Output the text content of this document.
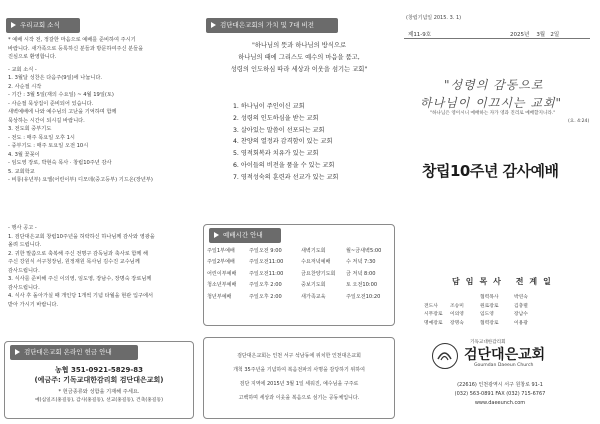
우리교회 소식
* 예배 시작 전, 정갈한 마음으로 예배를 준비하여 주시기
바랍니다. 새가족으로 등록하신 분들과 방문하여주신 분들을
진심으로 환영합니다.
- 교회 소식 -
1. 3월달 성찬은 다음주(9일)에 나눕니다.
2. 사순절 시작
- 기간 : 3월 5일(재의 수요일) ~ 4월 19일(토)
- 사순절 묵상집이 준비되어 있습니다.
새벽예배에 나와 예수님의 고난을 기억하며 함께
묵상하는 시간이 되시길 바랍니다.
3. 전도회 중부기도
- 전도 : 매주 목요일 오후 1시
- 중부기도 : 매주 토요일 오전 10시
4. 3월 꽃꽂이
- 임도영 장로, 박현숙 목사 · 창립10주년 감사
5. 교회학교
- 비룡(유년부) 요엘(어린이부) 디모데(중고등부) 기드온(장년부)
- 행사 공고 -
1. 검단대은교회 창립10주년을 허락하신 하나님께 감사와 영광을
올려 드립니다.
2. 귀한 말씀으로 축복해 주신 전명구 감독님과 축사로 함께 해
주신 강원식 서구청장님, 원정재원 목사님 김수진 교수님께
감사드립니다.
3. 식사를 준비해 주신 이의영, 임도영, 장남수, 장명숙 장로님께
감사드립니다.
4. 식사 후 돌아가실 때 개인당 1개씩 기념 타월을 현관 입구에서
받아 가시기 바랍니다.
검단대은교회 온라인 헌금 안내
농협 351-0921-5829-83
(예금주: 기독교대한감리회 검단대은교회)
* 헌금종류와 성함을 기재해 주세요.
예)십일조(홍길동), 감사(홍길동), 선교(홍길동), 건축(홍길동)
검단대은교회의 가치 및 7대 비전
"하나님의 뜻과 하나님의 방식으로
하나님의 때에 그리스도 예수의 마음을 품고,
성령의 인도하심 따라 세상과 이웃을 섬기는 교회"
1. 하나님이 주인이신 교회
2. 성령의 인도하심을 받는 교회
3. 살아있는 말씀이 선포되는 교회
4. 찬양의 열정과 감격함이 있는 교회
5. 영적회복과 치유가 있는 교회
6. 아이들의 비전을 품을 수 있는 교회
7. 영적성숙의 훈련과 선교가 있는 교회
예배시간 안내
주일1부예배	주일오전 9:00	새벽기도회	월~금새벽5:00
주일2부예배	주일오전11:00	수요저녁예배	수 저녁 7:30
어린이부예배	주일오전11:00	금요찬양기도회	금 저녁 8:00
청소년부예배	주일오후 2:00	중보기도회	토 오전10:00
청년부예배	주일오후 2:00	새가족교육	주일오전10:20
검단대은교회는 인천 서구 석남동에 위치한 인천대은교회
개척 35주년을 기념하여 복음전파의 사명을 감당하기 위하여
검단 지역에 2015년 3월 1일 세워진, 예수님을 구주로
고백하며 세상과 이웃을 복음으로 섬기는 공동체입니다.
(창립기념일 2015. 3. 1)
제11-9호	2025년 3월 2일
"성령의 감동으로
하나님이 이끄시는 교회"
"하나님은 영이시니 예배하는 자가 영과 진리로 예배할지니라."
(요. 4:24)
창립10주년 감사예배
담임목사 전계일
협력목사	박연숙
전도사	조승미	원로장로	김충렬
시무장로	이의영	임도영	장남수
명예장로	장명숙	협력장로	이용광
기독교대한감리회
검단대은교회
Goumdan Daeeun Church
(22616) 인천광역시 서구 원창로 91-1
(032) 563-0891 FAX (032) 715-6767
www.daeeunch.com
